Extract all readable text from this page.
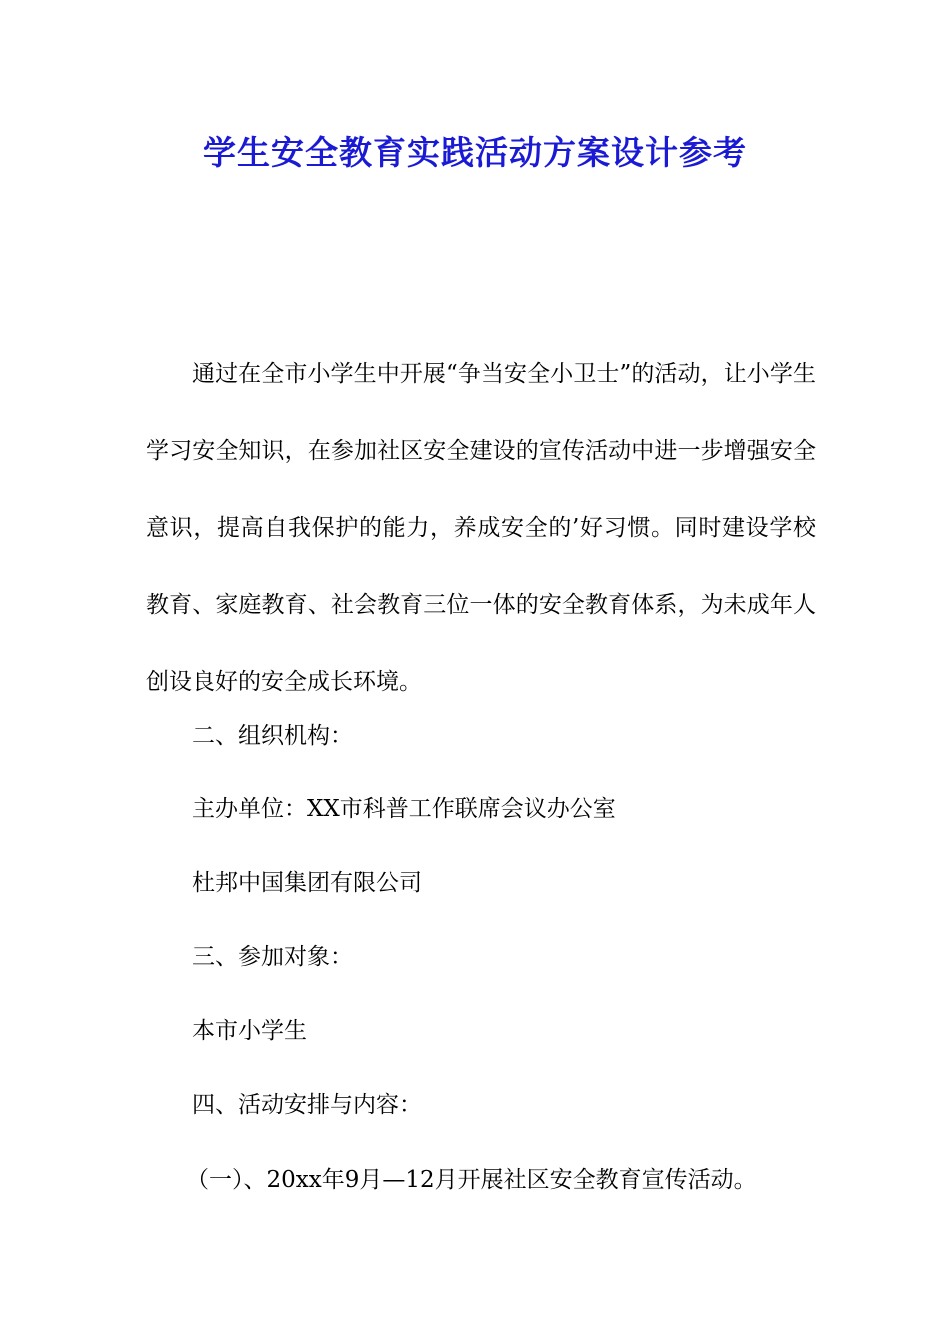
学生安全教育实践活动方案设计参考
通过在全市小学生中开展“争当安全小卫士”的活动，让小学生学习安全知识，在参加社区安全建设的宣传活动中进一步增强安全意识，提高自我保护的能力，养成安全的’好习惯。同时建设学校教育、家庭教育、社会教育三位一体的安全教育体系，为未成年人创设良好的安全成长环境。
二、组织机构：
主办单位：XX市科普工作联席会议办公室
杜邦中国集团有限公司
三、参加对象：
本市小学生
四、活动安排与内容：
（一）、20xx年9月—12月开展社区安全教育宣传活动。
